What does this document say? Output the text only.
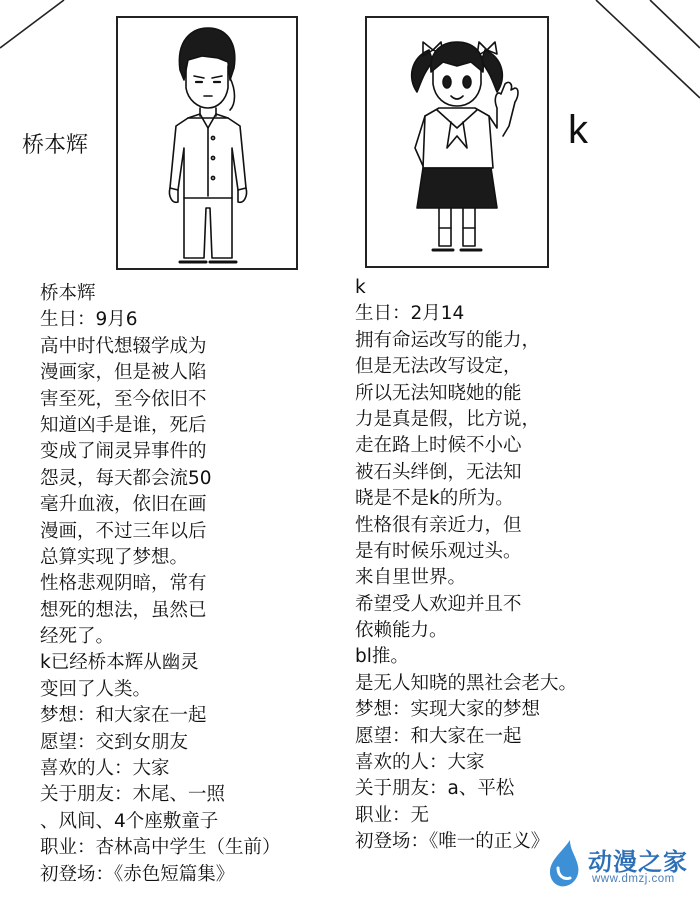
桥本辉	k
桥本辉
生日：9月6
高中时代想辍学成为
漫画家，但是被人陷
害至死，至今依旧不
知道凶手是谁，死后
变成了闹灵异事件的
怨灵，每天都会流50
毫升血液，依旧在画
漫画，不过三年以后
总算实现了梦想。
性格悲观阴暗，常有
想死的想法，虽然已
经死了。
k已经桥本辉从幽灵
变回了人类。
梦想：和大家在一起
愿望：交到女朋友
喜欢的人：大家
关于朋友：木尾、一照
、风间、4个座敷童子
职业：杏林高中学生（生前）
初登场：《赤色短篇集》
k
生日：2月14
拥有命运改写的能力，
但是无法改写设定，
所以无法知晓她的能
力是真是假，比方说，
走在路上时候不小心
被石头绊倒，无法知
晓是不是k的所为。
性格很有亲近力，但
是有时候乐观过头。
来自里世界。
希望受人欢迎并且不
依赖能力。
bl推。
是无人知晓的黑社会老大。
梦想：实现大家的梦想
愿望：和大家在一起
喜欢的人：大家
关于朋友：a、平松
职业：无
初登场：《唯一的正义》
动漫之家
www.dmzj.com
